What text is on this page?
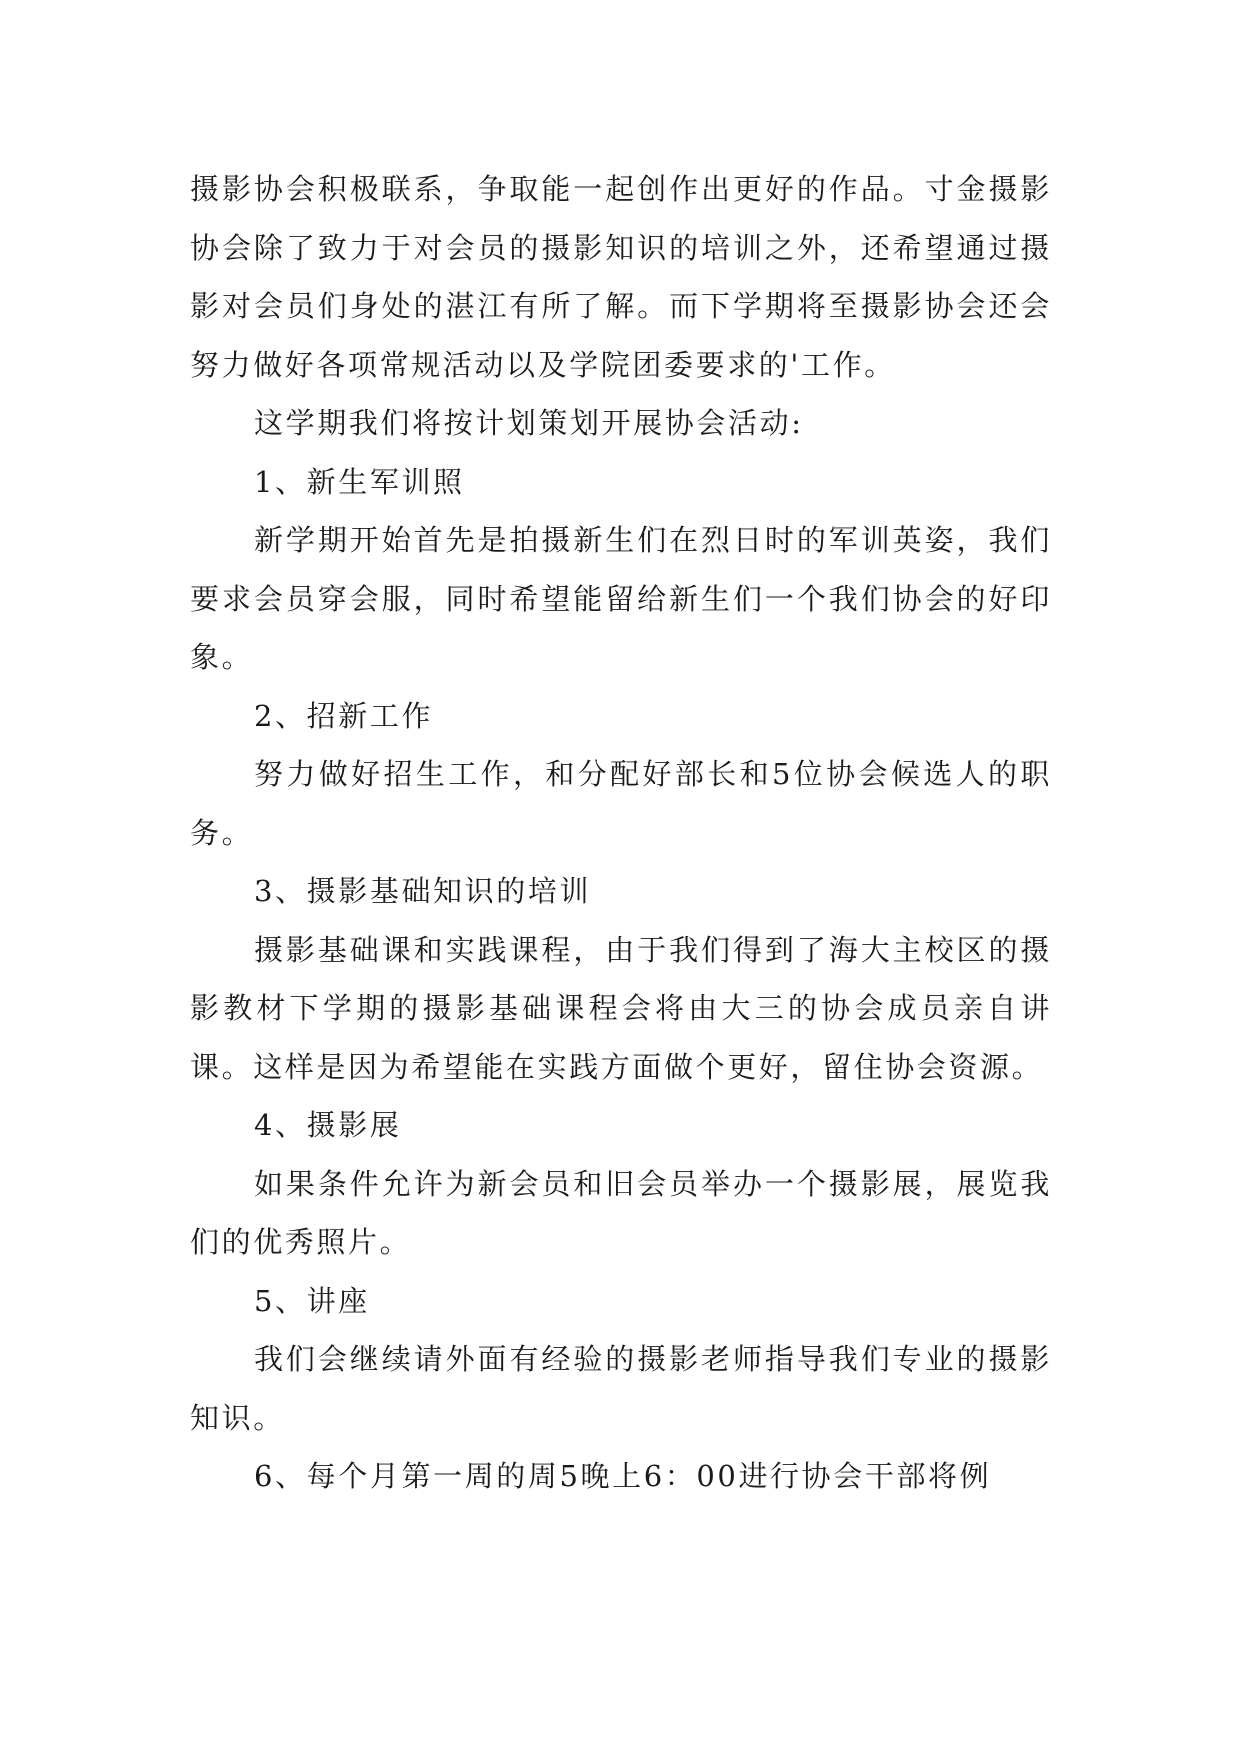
摄影协会积极联系，争取能一起创作出更好的作品。寸金摄影协会除了致力于对会员的摄影知识的培训之外，还希望通过摄影对会员们身处的湛江有所了解。而下学期将至摄影协会还会努力做好各项常规活动以及学院团委要求的'工作。

这学期我们将按计划策划开展协会活动:

1、新生军训照

新学期开始首先是拍摄新生们在烈日时的军训英姿，我们要求会员穿会服，同时希望能留给新生们一个我们协会的好印象。

2、招新工作

努力做好招生工作，和分配好部长和5位协会候选人的职务。

3、摄影基础知识的培训

摄影基础课和实践课程，由于我们得到了海大主校区的摄影教材下学期的摄影基础课程会将由大三的协会成员亲自讲课。这样是因为希望能在实践方面做个更好，留住协会资源。

4、摄影展

如果条件允许为新会员和旧会员举办一个摄影展，展览我们的优秀照片。

5、讲座

我们会继续请外面有经验的摄影老师指导我们专业的摄影知识。

6、每个月第一周的周5晚上6：00进行协会干部将例
